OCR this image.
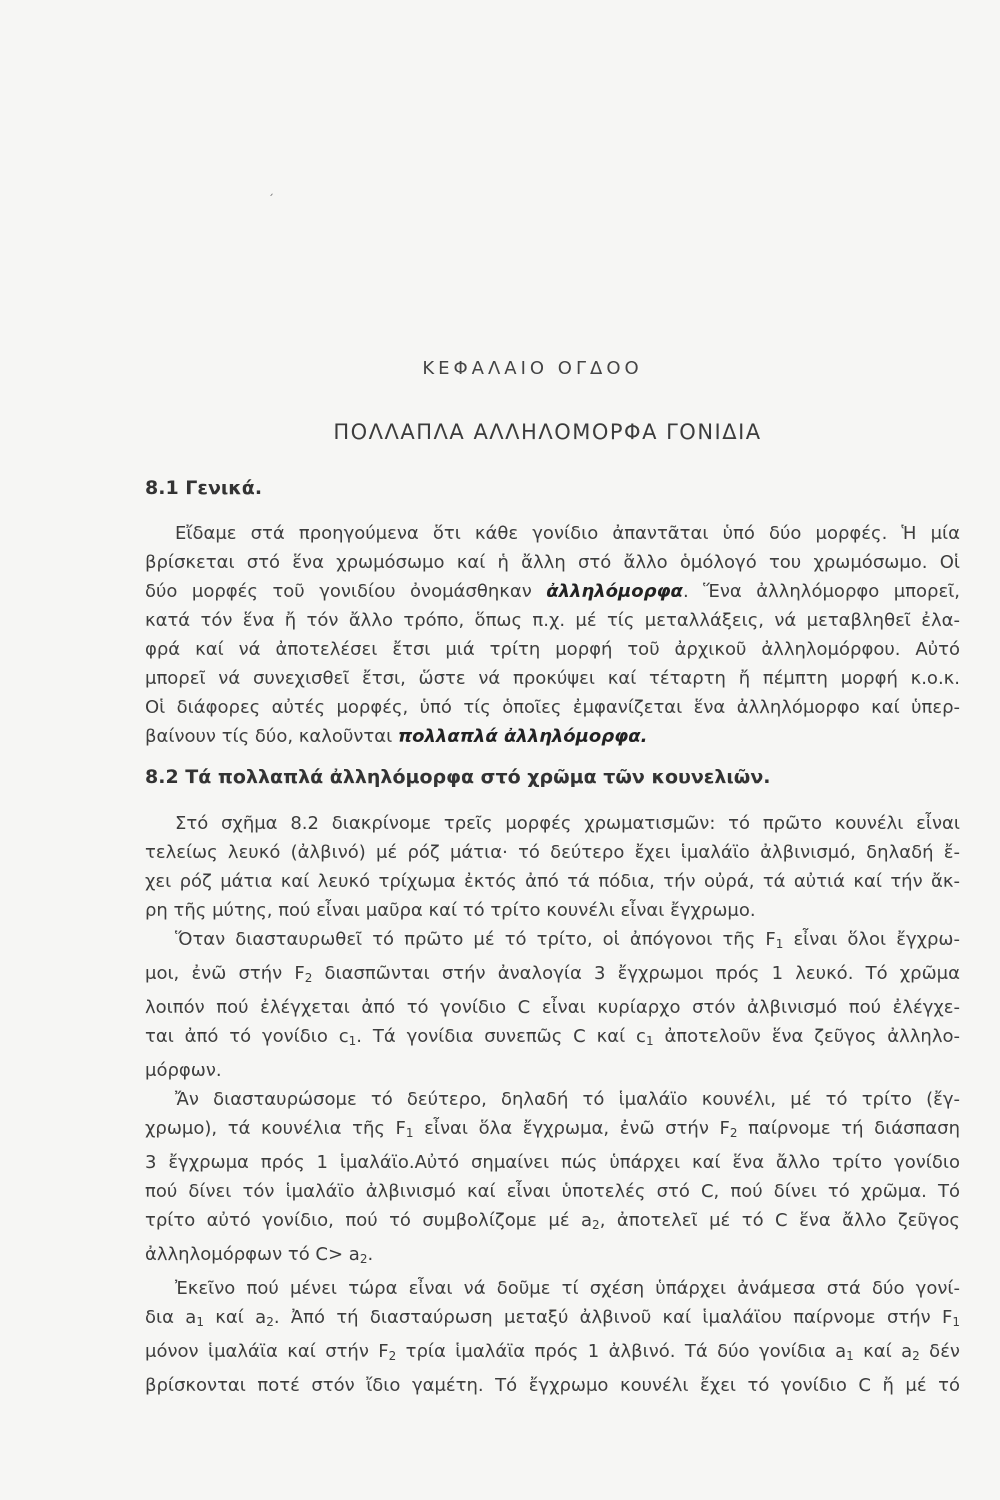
ˏ
ΚΕΦΑΛΑΙΟ ΟΓΔΟΟ
ΠΟΛΛΑΠΛΑ ΑΛΛΗΛΟΜΟΡΦΑ ΓΟΝΙΔΙΑ
8.1 Γενικά.

Εἴδαμε στά προηγούμενα ὅτι κάθε γονίδιο ἀπαντᾶται ὑπό δύο μορφές. Ἡ μία
βρίσκεται στό ἕνα χρωμόσωμο καί ἡ ἄλλη στό ἄλλο ὁμόλογό του χρωμόσωμο. Οἱ
δύο μορφές τοῦ γονιδίου ὀνομάσθηκαν ἀλληλόμορφα. Ἕνα ἀλληλόμορφο μπορεῖ,
κατά τόν ἕνα ἤ τόν ἄλλο τρόπο, ὅπως π.χ. μέ τίς μεταλλάξεις, νά μεταβληθεῖ ἐλα-
φρά καί νά ἀποτελέσει ἔτσι μιά τρίτη μορφή τοῦ ἀρχικοῦ ἀλληλομόρφου. Αὐτό
μπορεῖ νά συνεχισθεῖ ἔτσι, ὥστε νά προκύψει καί τέταρτη ἤ πέμπτη μορφή κ.ο.κ.
Οἱ διάφορες αὐτές μορφές, ὑπό τίς ὁποῖες ἐμφανίζεται ἕνα ἀλληλόμορφο καί ὑπερ-
βαίνουν τίς δύο, καλοῦνται πολλαπλά ἀλληλόμορφα.

8.2 Τά πολλαπλά ἀλληλόμορφα στό χρῶμα τῶν κουνελιῶν.

Στό σχῆμα 8.2 διακρίνομε τρεῖς μορφές χρωματισμῶν: τό πρῶτο κουνέλι εἶναι
τελείως λευκό (ἀλβινό) μέ ρόζ μάτια· τό δεύτερο ἔχει ἱμαλάϊο ἀλβινισμό, δηλαδή ἔ-
χει ρόζ μάτια καί λευκό τρίχωμα ἐκτός ἀπό τά πόδια, τήν οὐρά, τά αὐτιά καί τήν ἄκ-
ρη τῆς μύτης, πού εἶναι μαῦρα καί τό τρίτο κουνέλι εἶναι ἔγχρωμο.

Ὅταν διασταυρωθεῖ τό πρῶτο μέ τό τρίτο, οἱ ἀπόγονοι τῆς $F_1$ εἶναι ὅλοι ἔγχρω-
μοι, ἐνῶ στήν $F_2$ διασπῶνται στήν ἀναλογία 3 ἔγχρωμοι πρός 1 λευκό. Τό χρῶμα
λοιπόν πού ἐλέγχεται ἀπό τό γονίδιο C εἶναι κυρίαρχο στόν ἀλβινισμό πού ἐλέγχε-
ται ἀπό τό γονίδιο $c_1$. Τά γονίδια συνεπῶς C καί $c_1$ ἀποτελοῦν ἕνα ζεῦγος ἀλληλο-
μόρφων.

Ἄν διασταυρώσομε τό δεύτερο, δηλαδή τό ἱμαλάϊο κουνέλι, μέ τό τρίτο (ἔγ-
χρωμο), τά κουνέλια τῆς $F_1$ εἶναι ὅλα ἔγχρωμα, ἐνῶ στήν $F_2$ παίρνομε τή διάσπαση
3 ἔγχρωμα πρός 1 ἱμαλάϊο.Αὐτό σημαίνει πώς ὑπάρχει καί ἕνα ἄλλο τρίτο γονίδιο
πού δίνει τόν ἱμαλάϊο ἀλβινισμό καί εἶναι ὑποτελές στό C, πού δίνει τό χρῶμα. Τό
τρίτο αὐτό γονίδιο, πού τό συμβολίζομε μέ $a_2$, ἀποτελεῖ μέ τό C ἕνα ἄλλο ζεῦγος
ἀλληλομόρφων τό $C> a_2$.

Ἐκεῖνο πού μένει τώρα εἶναι νά δοῦμε τί σχέση ὑπάρχει ἀνάμεσα στά δύο γονί-
δια $a_1$ καί $a_2$. Ἀπό τή διασταύρωση μεταξύ ἀλβινοῦ καί ἱμαλάϊου παίρνομε στήν $F_1$
μόνον ἱμαλάϊα καί στήν $F_2$ τρία ἱμαλάϊα πρός 1 ἀλβινό. Τά δύο γονίδια $a_1$ καί $a_2$ δέν
βρίσκονται ποτέ στόν ἴδιο γαμέτη. Τό ἔγχρωμο κουνέλι ἔχει τό γονίδιο C ἤ μέ τό
